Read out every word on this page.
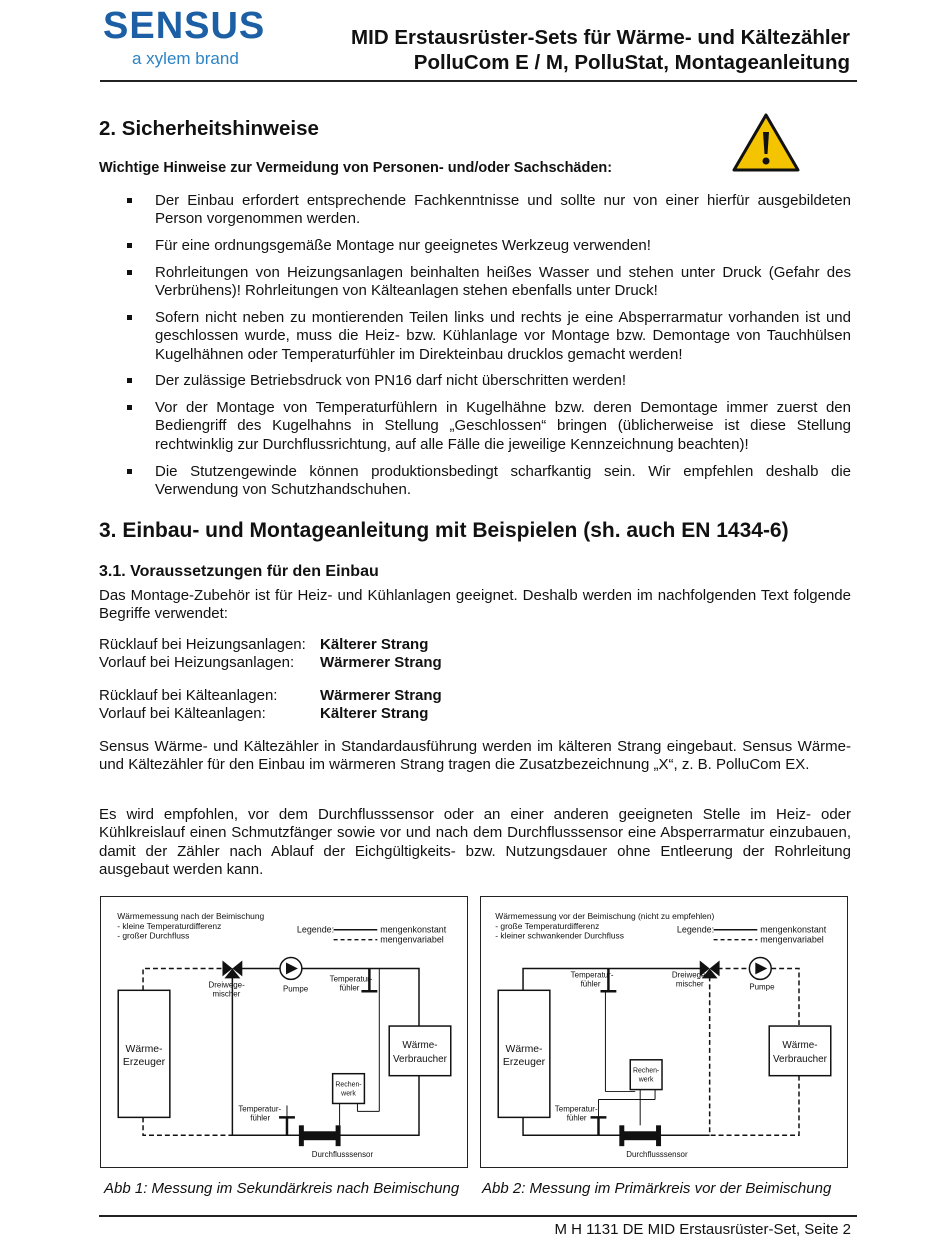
SENSUS
a xylem brand
MID Erstausrüster-Sets für Wärme- und Kältezähler
PolluCom E / M, PolluStat, Montageanleitung
2. Sicherheitshinweise
Wichtige Hinweise zur Vermeidung von Personen- und/oder Sachschäden:
Der Einbau erfordert entsprechende Fachkenntnisse und sollte nur von einer hierfür ausgebildeten Person vorgenommen werden.
Für eine ordnungsgemäße Montage nur geeignetes Werkzeug verwenden!
Rohrleitungen von Heizungsanlagen beinhalten heißes Wasser und stehen unter Druck (Gefahr des Verbrühens)! Rohrleitungen von Kälteanlagen stehen ebenfalls unter Druck!
Sofern nicht neben zu montierenden Teilen links und rechts je eine Absperrarmatur vorhanden ist und geschlossen wurde, muss die Heiz- bzw. Kühlanlage vor Montage bzw. Demontage von Tauchhülsen Kugelhähnen oder Temperaturfühler im Direkteinbau drucklos gemacht werden!
Der zulässige Betriebsdruck von PN16 darf nicht überschritten werden!
Vor der Montage von Temperaturfühlern in Kugelhähne bzw. deren Demontage immer zuerst den Bediengriff des Kugelhahns in Stellung „Geschlossen“ bringen (üblicherweise ist diese Stellung rechtwinklig zur Durchflussrichtung, auf alle Fälle die jeweilige Kennzeichnung beachten)!
Die Stutzengewinde können produktionsbedingt scharfkantig sein. Wir empfehlen deshalb die Verwendung von Schutzhandschuhen.
3. Einbau- und Montageanleitung mit Beispielen (sh. auch EN 1434-6)
3.1. Voraussetzungen für den Einbau
Das Montage-Zubehör ist für Heiz- und Kühlanlagen geeignet. Deshalb werden im nachfolgenden Text folgende Begriffe verwendet:
Rücklauf bei Heizungsanlagen:	Kälterer Strang
Vorlauf bei Heizungsanlagen:	Wärmerer Strang
Rücklauf bei Kälteanlagen:	Wärmerer Strang
Vorlauf bei Kälteanlagen:	Kälterer Strang
Sensus Wärme- und Kältezähler in Standardausführung werden im kälteren Strang eingebaut. Sensus Wärme- und Kältezähler für den Einbau im wärmeren Strang tragen die Zusatzbezeichnung „X“, z. B. PolluCom EX.
Es wird empfohlen, vor dem Durchflusssensor oder an einer anderen geeigneten Stelle im Heiz- oder Kühlkreislauf einen Schmutzfänger sowie vor und nach dem Durchflusssensor eine Absperrarmatur einzubauen, damit der Zähler nach Ablauf der Eichgültigkeits- bzw. Nutzungsdauer ohne Entleerung der Rohrleitung ausgebaut werden kann.
Wärmemessung nach der Beimischung
- kleine Temperaturdifferenz
- großer Durchfluss
Legende:	mengenkonstant
mengenvariabel
Dreiwege-
mischer
Pumpe
Temperatur-
fühler
Wärme-
Erzeuger
Wärme-
Verbraucher
Rechen-
werk
Temperatur-
fühler
Durchflusssensor
Wärmemessung vor der Beimischung (nicht zu empfehlen)
- große Temperaturdifferenz
- kleiner schwankender Durchfluss
Legende:	mengenkonstant
mengenvariabel
Dreiwege-
mischer	Pumpe
Temperatur-
fühler
Wärme-
Erzeuger
Wärme-
Verbraucher
Rechen-
werk
Temperatur-
fühler
Durchflusssensor
Abb 1: Messung im Sekundärkreis nach Beimischung Abb 2: Messung im Primärkreis vor der Beimischung
M H 1131 DE MID Erstausrüster-Set, Seite 2
